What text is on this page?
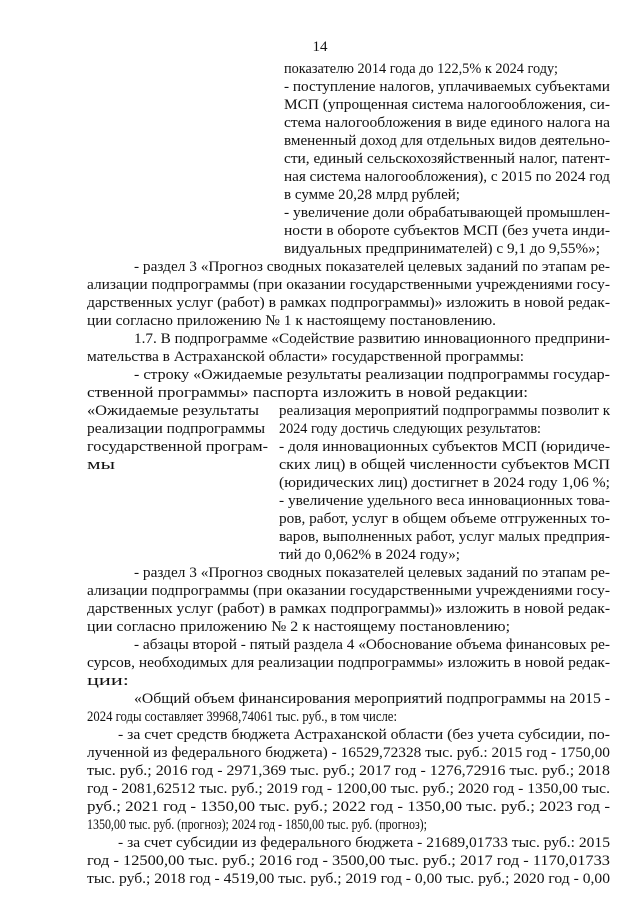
14
показателю 2014 года до 122,5% к 2024 году;
- поступление налогов, уплачиваемых субъектами
МСП (упрощенная система налогообложения, си-
стема налогообложения в виде единого налога на
вмененный доход для отдельных видов деятельно-
сти, единый сельскохозяйственный налог, патент-
ная система налогообложения), с 2015 по 2024 год
в сумме 20,28 млрд рублей;
- увеличение доли обрабатывающей промышлен-
ности в обороте субъектов МСП (без учета инди-
видуальных предпринимателей) с 9,1 до 9,55%»;
- раздел 3 «Прогноз сводных показателей целевых заданий по этапам ре-
ализации подпрограммы (при оказании государственными учреждениями госу-
дарственных услуг (работ) в рамках подпрограммы)» изложить в новой редак-
ции согласно приложению № 1 к настоящему постановлению.
1.7. В подпрограмме «Содействие развитию инновационного предприни-
мательства в Астраханской области» государственной программы:
- строку «Ожидаемые результаты реализации подпрограммы государ-
ственной программы» паспорта изложить в новой редакции:
«Ожидаемые результаты
реализации подпрограммы
государственной програм-
мы
реализация мероприятий подпрограммы позволит к
2024 году достичь следующих результатов:
- доля инновационных субъектов МСП (юридиче-
ских лиц) в общей численности субъектов МСП
(юридических лиц) достигнет в 2024 году 1,06 %;
- увеличение удельного веса инновационных това-
ров, работ, услуг в общем объеме отгруженных то-
варов, выполненных работ, услуг малых предприя-
тий до 0,062% в 2024 году»;
- раздел 3 «Прогноз сводных показателей целевых заданий по этапам ре-
ализации подпрограммы (при оказании государственными учреждениями госу-
дарственных услуг (работ) в рамках подпрограммы)» изложить в новой редак-
ции согласно приложению № 2 к настоящему постановлению;
- абзацы второй - пятый раздела 4 «Обоснование объема финансовых ре-
сурсов, необходимых для реализации подпрограммы» изложить в новой редак-
ции:
«Общий объем финансирования мероприятий подпрограммы на 2015 -
2024 годы составляет 39968,74061 тыс. руб., в том числе:
- за счет средств бюджета Астраханской области (без учета субсидии, по-
лученной из федерального бюджета) - 16529,72328 тыс. руб.: 2015 год - 1750,00
тыс. руб.; 2016 год - 2971,369 тыс. руб.; 2017 год - 1276,72916 тыс. руб.; 2018
год - 2081,62512 тыс. руб.; 2019 год - 1200,00 тыс. руб.; 2020 год - 1350,00 тыс.
руб.; 2021 год - 1350,00 тыс. руб.; 2022 год - 1350,00 тыс. руб.; 2023 год -
1350,00 тыс. руб. (прогноз); 2024 год - 1850,00 тыс. руб. (прогноз);
- за счет субсидии из федерального бюджета - 21689,01733 тыс. руб.: 2015
год - 12500,00 тыс. руб.; 2016 год - 3500,00 тыс. руб.; 2017 год - 1170,01733
тыс. руб.; 2018 год - 4519,00 тыс. руб.; 2019 год - 0,00 тыс. руб.; 2020 год - 0,00
